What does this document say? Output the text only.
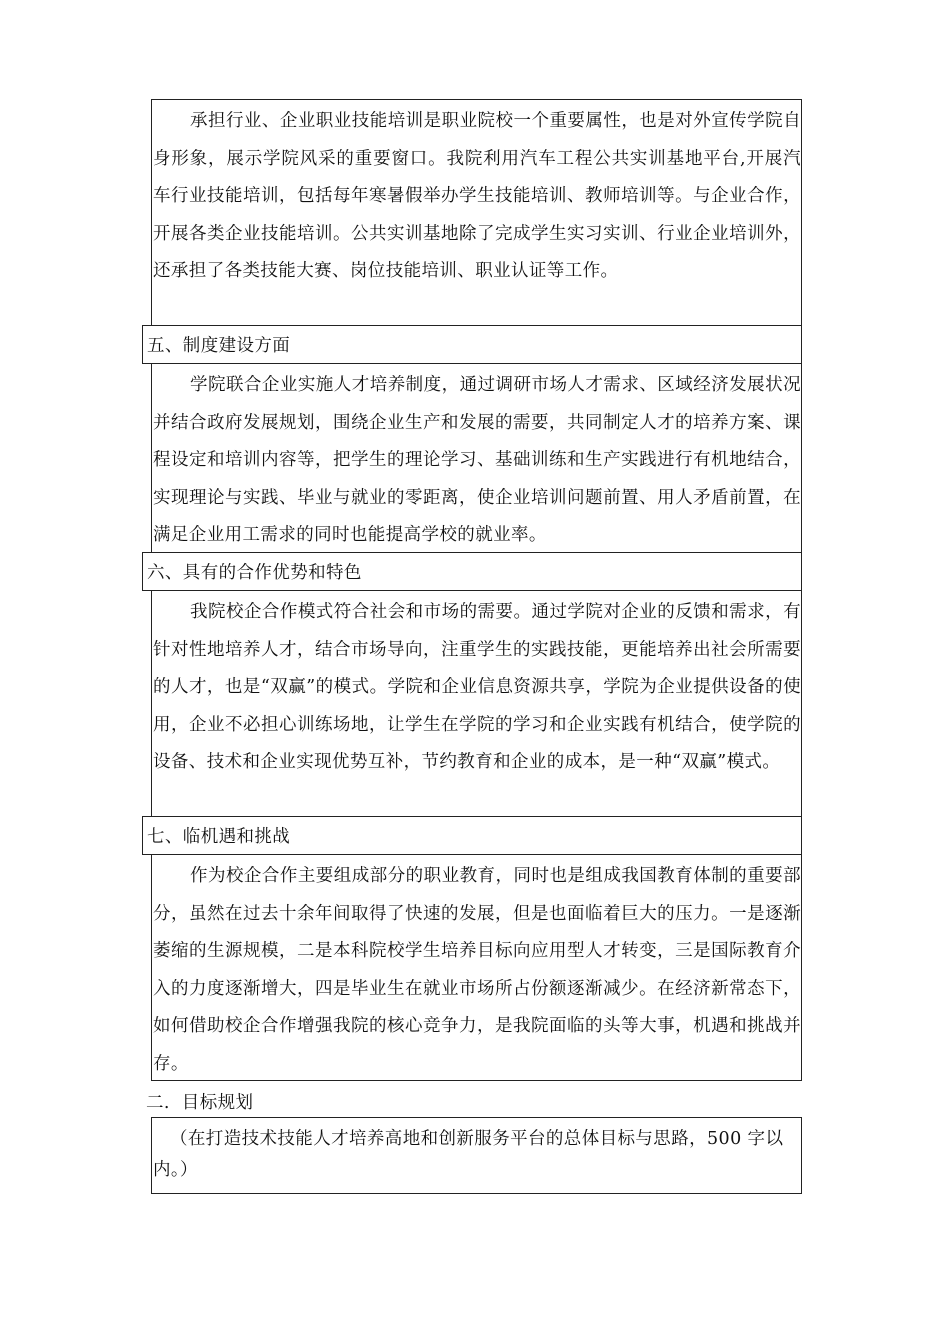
承担行业、企业职业技能培训是职业院校一个重要属性，也是对外宣传学院自身形象，展示学院风采的重要窗口。我院利用汽车工程公共实训基地平台,开展汽车行业技能培训，包括每年寒暑假举办学生技能培训、教师培训等。与企业合作，开展各类企业技能培训。公共实训基地除了完成学生实习实训、行业企业培训外，还承担了各类技能大赛、岗位技能培训、职业认证等工作。
五、制度建设方面
学院联合企业实施人才培养制度，通过调研市场人才需求、区域经济发展状况并结合政府发展规划，围绕企业生产和发展的需要，共同制定人才的培养方案、课程设定和培训内容等，把学生的理论学习、基础训练和生产实践进行有机地结合，实现理论与实践、毕业与就业的零距离，使企业培训问题前置、用人矛盾前置，在满足企业用工需求的同时也能提高学校的就业率。
六、具有的合作优势和特色
我院校企合作模式符合社会和市场的需要。通过学院对企业的反馈和需求，有针对性地培养人才，结合市场导向，注重学生的实践技能，更能培养出社会所需要的人才，也是“双赢”的模式。学院和企业信息资源共享，学院为企业提供设备的使用，企业不必担心训练场地，让学生在学院的学习和企业实践有机结合，使学院的设备、技术和企业实现优势互补，节约教育和企业的成本，是一种“双赢”模式。
七、临机遇和挑战
作为校企合作主要组成部分的职业教育，同时也是组成我国教育体制的重要部分，虽然在过去十余年间取得了快速的发展，但是也面临着巨大的压力。一是逐渐萎缩的生源规模，二是本科院校学生培养目标向应用型人才转变，三是国际教育介入的力度逐渐增大，四是毕业生在就业市场所占份额逐渐减少。在经济新常态下，如何借助校企合作增强我院的核心竞争力，是我院面临的头等大事，机遇和挑战并存。
二.  目标规划
（在打造技术技能人才培养高地和创新服务平台的总体目标与思路，500 字以内。）
